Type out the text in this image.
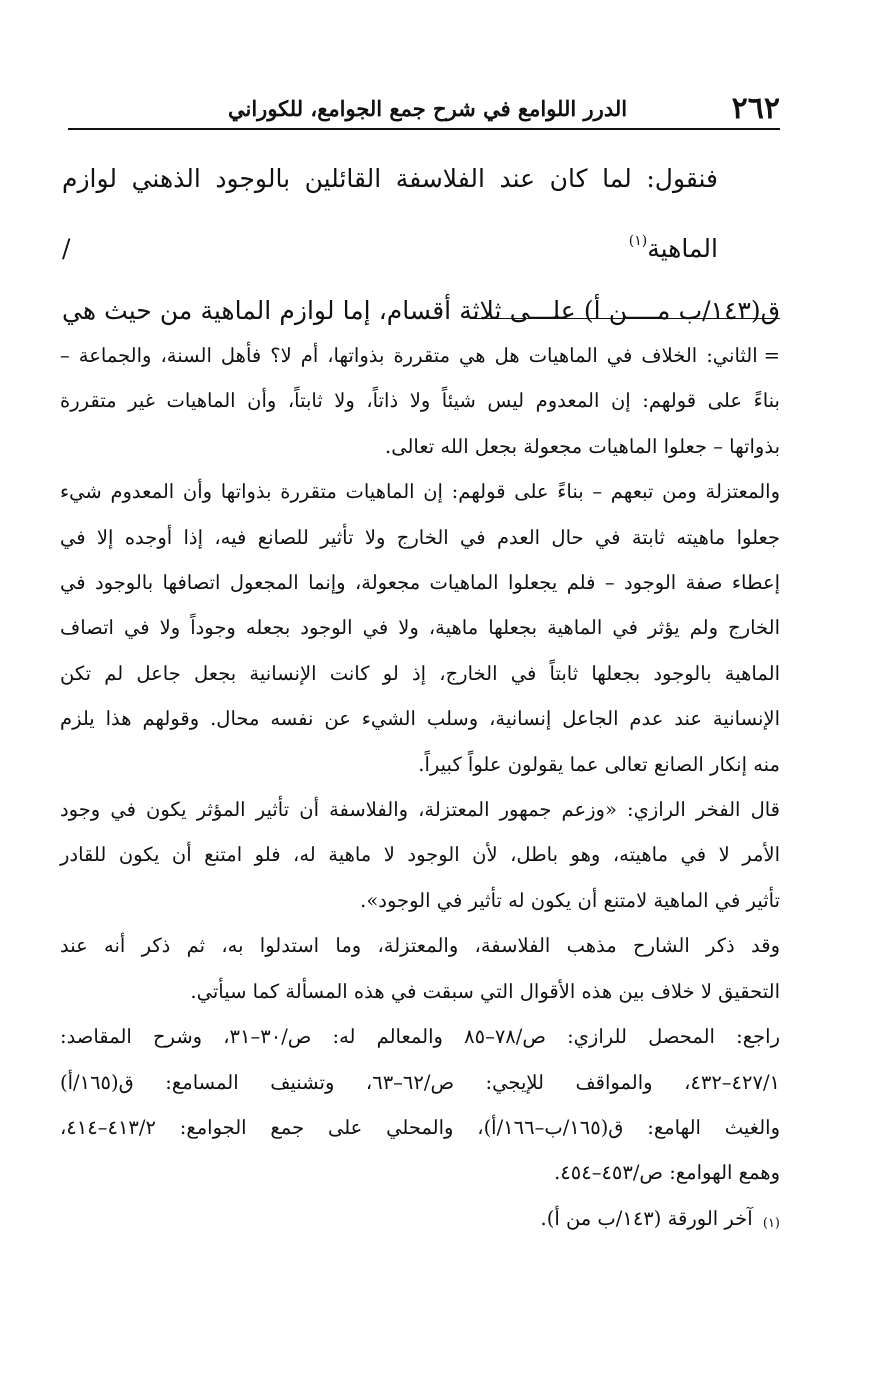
٢٦٢
الدرر اللوامع في شرح جمع الجوامع، للكوراني

فنقول: لما كان عند الفلاسفة القائلين بالوجود الذهني لوازم الماهية$^{(١)}$ /
ق(١٤٣/ب مــــن أ) علـــى ثلاثة أقسام، إما لوازم الماهية من حيث هي

=الثاني: الخلاف في الماهيات هل هي متقررة بذواتها، أم لا؟ فأهل السنة، والجماعة –
بناءً على قولهم: إن المعدوم ليس شيئاً ولا ذاتاً، ولا ثابتاً، وأن الماهيات غير متقررة
بذواتها – جعلوا الماهيات مجعولة بجعل الله تعالى.
والمعتزلة ومن تبعهم – بناءً على قولهم: إن الماهيات متقررة بذواتها وأن المعدوم شيء
جعلوا ماهيته ثابتة في حال العدم في الخارج ولا تأثير للصانع فيه، إذا أوجده إلا في
إعطاء صفة الوجود – فلم يجعلوا الماهيات مجعولة، وإنما المجعول اتصافها بالوجود في
الخارج ولم يؤثر في الماهية بجعلها ماهية، ولا في الوجود بجعله وجوداً ولا في اتصاف
الماهية بالوجود بجعلها ثابتاً في الخارج، إذ لو كانت الإنسانية بجعل جاعل لم تكن
الإنسانية عند عدم الجاعل إنسانية، وسلب الشيء عن نفسه محال. وقولهم هذا يلزم
منه إنكار الصانع تعالى عما يقولون علواً كبيراً.
قال الفخر الرازي: «وزعم جمهور المعتزلة، والفلاسفة أن تأثير المؤثر يكون في وجود
الأمر لا في ماهيته، وهو باطل، لأن الوجود لا ماهية له، فلو امتنع أن يكون للقادر
تأثير في الماهية لامتنع أن يكون له تأثير في الوجود».
وقد ذكر الشارح مذهب الفلاسفة، والمعتزلة، وما استدلوا به، ثم ذكر أنه عند
التحقيق لا خلاف بين هذه الأقوال التي سبقت في هذه المسألة كما سيأتي.
راجع: المحصل للرازي: ص/٧٨–٨٥ والمعالم له: ص/٣٠–٣١، وشرح المقاصد:
٤٢٧/١–٤٣٢، والمواقف للإيجي: ص/٦٢–٦٣، وتشنيف المسامع: ق(١٦٥/أ)
والغيث الهامع: ق(١٦٥/ب–١٦٦/أ)، والمحلي على جمع الجوامع: ٤١٣/٢–٤١٤،
وهمع الهوامع: ص/٤٥٣–٤٥٤.
(١) آخر الورقة (١٤٣/ب من أ).
